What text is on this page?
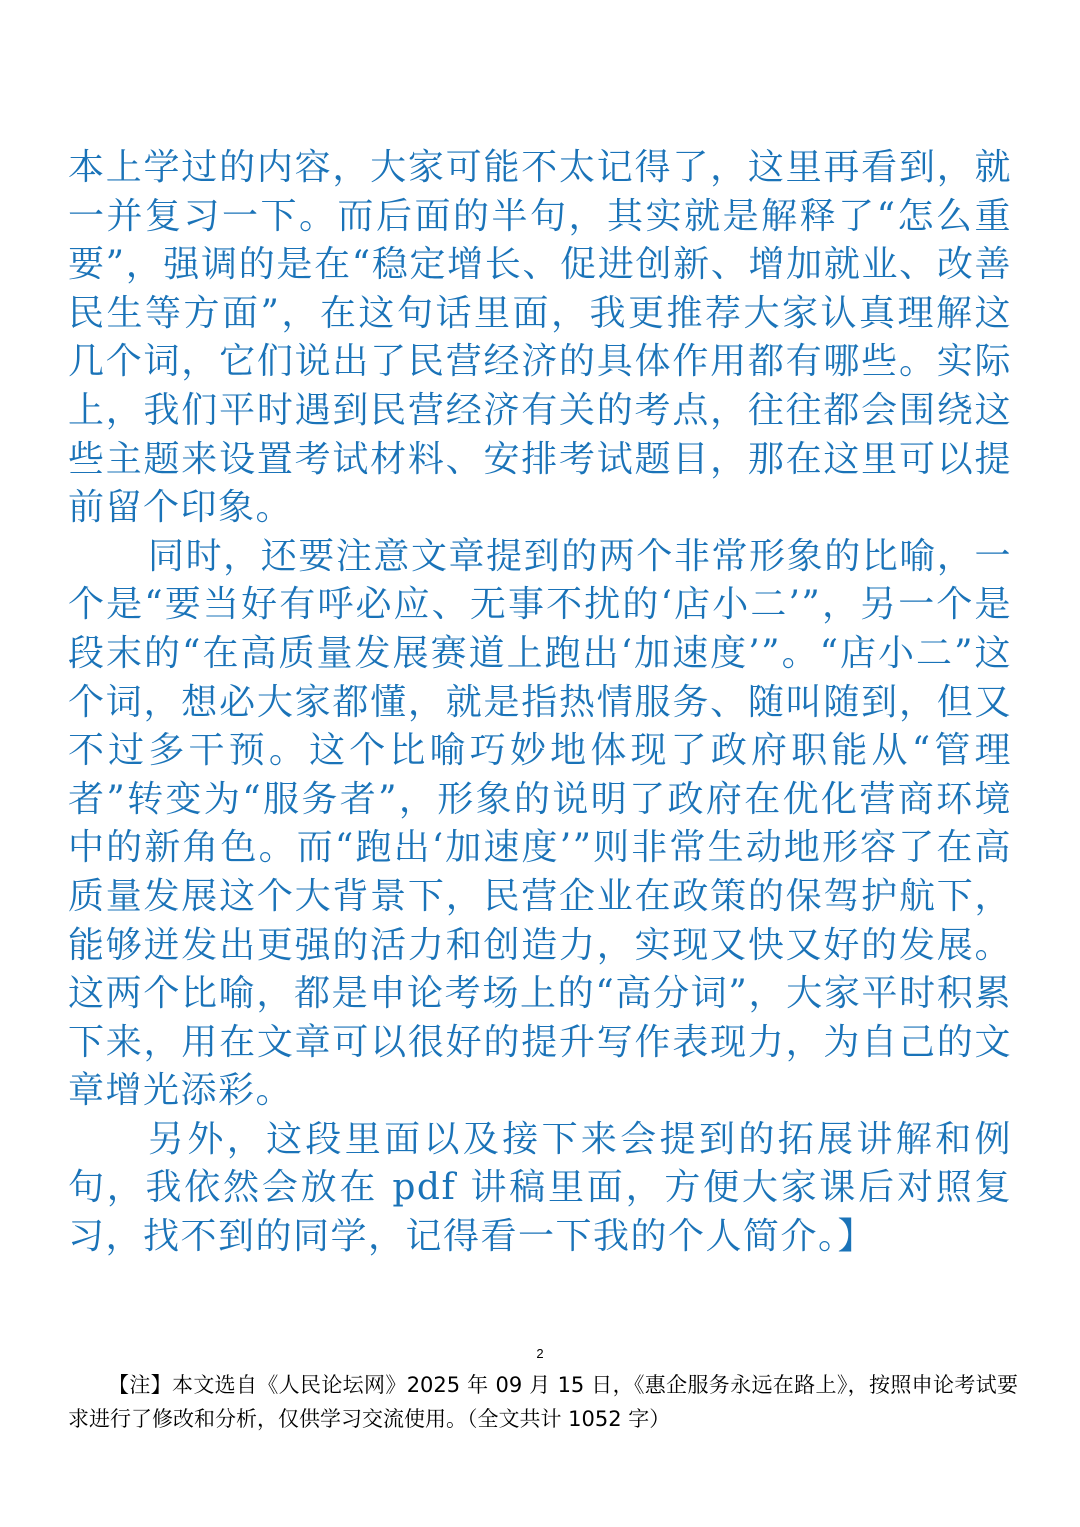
本上学过的内容，大家可能不太记得了，这里再看到，就一并复习一下。而后面的半句，其实就是解释了“怎么重要”，强调的是在“稳定增长、促进创新、增加就业、改善民生等方面”，在这句话里面，我更推荐大家认真理解这几个词，它们说出了民营经济的具体作用都有哪些。实际上，我们平时遇到民营经济有关的考点，往往都会围绕这些主题来设置考试材料、安排考试题目，那在这里可以提前留个印象。

同时，还要注意文章提到的两个非常形象的比喻，一个是“要当好有呼必应、无事不扰的‘店小二’”，另一个是段末的“在高质量发展赛道上跑出‘加速度’”。“店小二”这个词，想必大家都懂，就是指热情服务、随叫随到，但又不过多干预。这个比喻巧妙地体现了政府职能从“管理者”转变为“服务者”，形象的说明了政府在优化营商环境中的新角色。而“跑出‘加速度’”则非常生动地形容了在高质量发展这个大背景下，民营企业在政策的保驾护航下，能够迸发出更强的活力和创造力，实现又快又好的发展。这两个比喻，都是申论考场上的“高分词”，大家平时积累下来，用在文章可以很好的提升写作表现力，为自己的文章增光添彩。

另外，这段里面以及接下来会提到的拓展讲解和例句，我依然会放在 pdf 讲稿里面，方便大家课后对照复习，找不到的同学，记得看一下我的个人简介。】

2

【注】本文选自《人民论坛网》2025 年 09 月 15 日，《惠企服务永远在路上》，按照申论考试要求进行了修改和分析，仅供学习交流使用。（全文共计 1052 字）
